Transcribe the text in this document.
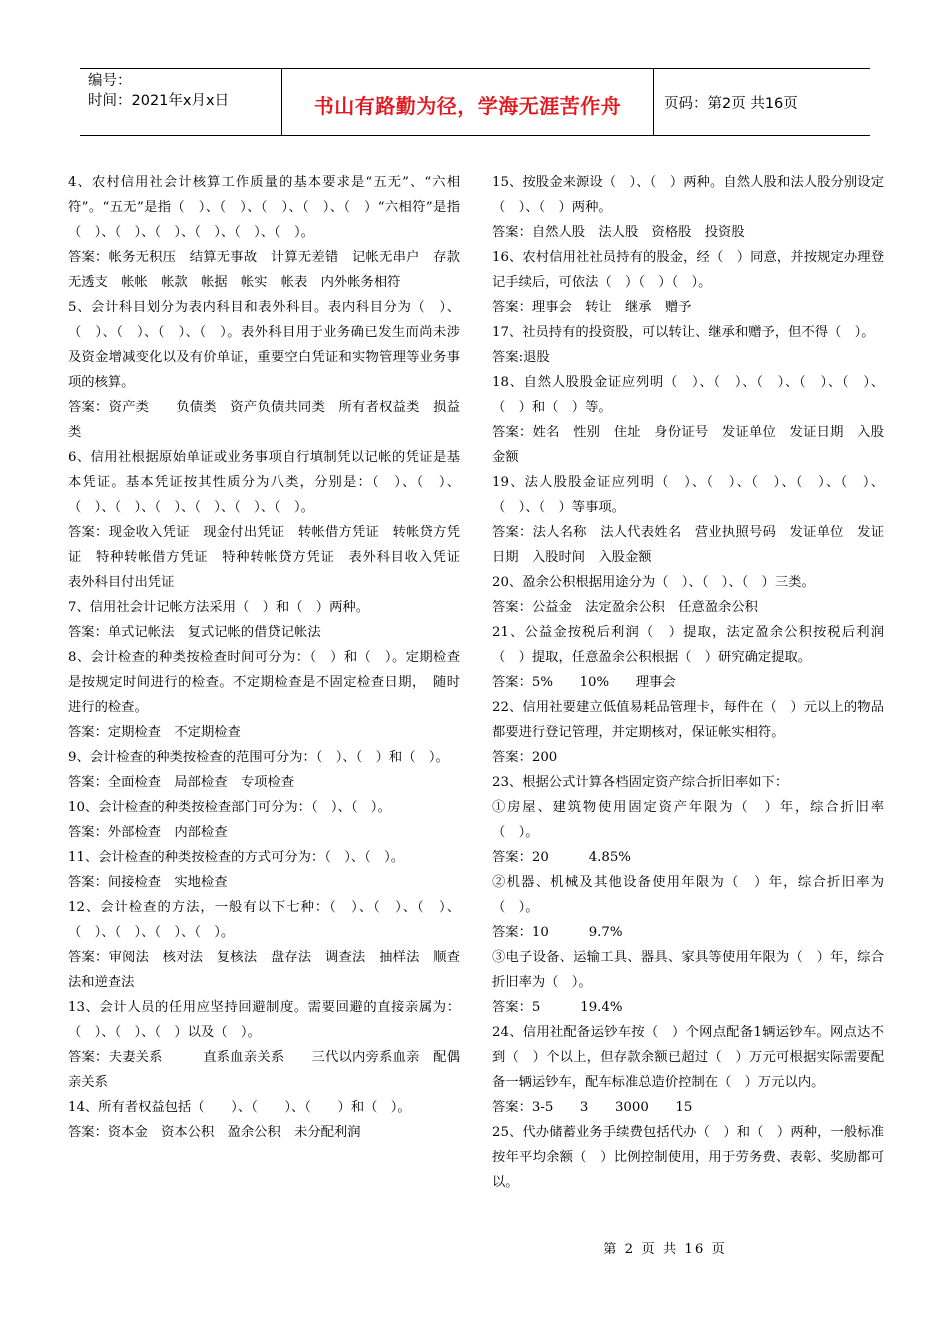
编号：
时间：2021年x月x日	书山有路勤为径，学海无涯苦作舟	页码：第2页 共16页

4、农村信用社会计核算工作质量的基本要求是“五无”、“六相符”。“五无”是指（　）、（　）、（　）、（　）、（　）“六相符”是指（　）、（　）、（　）、（　）、（　）、（　）。

答案：帐务无积压　结算无事故　计算无差错　记帐无串户　存款无透支　帐帐　帐款　帐据　帐实　帐表　内外帐务相符

5、会计科目划分为表内科目和表外科目。表内科目分为（　）、（　）、（　）、（　）、（　）。表外科目用于业务确已发生而尚未涉及资金增减变化以及有价单证，重要空白凭证和实物管理等业务事项的核算。

答案：资产类　　负债类　资产负债共同类　所有者权益类　损益类

6、信用社根据原始单证或业务事项自行填制凭以记帐的凭证是基本凭证。基本凭证按其性质分为八类，分别是：（　）、（　）、（　）、（　）、（　）、（　）、（　）、（　）。

答案：现金收入凭证　现金付出凭证　转帐借方凭证　转帐贷方凭证　特种转帐借方凭证　特种转帐贷方凭证　表外科目收入凭证　　表外科目付出凭证

7、信用社会计记帐方法采用（　）和（　）两种。

答案：单式记帐法　复式记帐的借贷记帐法

8、会计检查的种类按检查时间可分为：（　）和（　）。定期检查是按规定时间进行的检查。不定期检查是不固定检查日期，　随时进行的检查。

答案：定期检查　不定期检查

9、会计检查的种类按检查的范围可分为：（　）、（　）和（　）。

答案：全面检查　局部检查　专项检查

10、会计检查的种类按检查部门可分为：（　）、（　）。

答案：外部检查　内部检查

11、会计检查的种类按检查的方式可分为：（　）、（　）。

答案：间接检查　实地检查

12、会计检查的方法，一般有以下七种：（　）、（　）、（　）、（　）、（　）、（　）、（　）。

答案：审阅法　核对法　复核法　盘存法　调查法　抽样法　顺查法和逆查法

13、会计人员的任用应坚持回避制度。需要回避的直接亲属为：（　）、（　）、（　）以及（　）。

答案：夫妻关系　　　直系血亲关系　　三代以内旁系血亲　配偶亲关系

14、所有者权益包括（　　）、（　　）、（　　）和（　）。

答案：资本金　资本公积　盈余公积　未分配利润

15、按股金来源设（　）、（　）两种。自然人股和法人股分别设定（　）、（　）两种。

答案：自然人股　法人股　资格股　投资股

16、农村信用社社员持有的股金，经（　）同意，并按规定办理登记手续后，可依法（　）（　）（　）。

答案：理事会　转让　继承　赠予

17、社员持有的投资股，可以转让、继承和赠予，但不得（　）。

答案:退股

18、自然人股股金证应列明（　）、（　）、（　）、（　）、（　）、（　）和（　）等。

答案：姓名　性别　住址　身份证号　发证单位　发证日期　入股金额

19、法人股股金证应列明（　）、（　）、（　）、（　）、（　）、（　）、（　）等事项。

答案：法人名称　法人代表姓名　营业执照号码　发证单位　发证日期　入股时间　入股金额

20、盈余公积根据用途分为（　）、（　）、（　）三类。

答案：公益金　法定盈余公积　任意盈余公积

21、公益金按税后利润（　）提取，法定盈余公积按税后利润（　）提取，任意盈余公积根据（　）研究确定提取。

答案：5%　　10%　　理事会

22、信用社要建立低值易耗品管理卡，每件在（　）元以上的物品都要进行登记管理，并定期核对，保证帐实相符。

答案：200

23、根据公式计算各档固定资产综合折旧率如下：

①房屋、建筑物使用固定资产年限为（　）年，综合折旧率（　）。

答案：20　　　4.85%

②机器、机械及其他设备使用年限为（　）年，综合折旧率为（　）。

答案：10　　　9.7%

③电子设备、运输工具、器具、家具等使用年限为（　）年，综合折旧率为（　）。

答案：5　　　19.4%

24、信用社配备运钞车按（　）个网点配备1辆运钞车。网点达不到（　）个以上，但存款余额已超过（　）万元可根据实际需要配备一辆运钞车，配车标准总造价控制在（　）万元以内。

答案：3-5　　3　　3000　　15

25、代办储蓄业务手续费包括代办（　）和（　）两种，一般标准按年平均余额（　）比例控制使用，用于劳务费、表彰、奖励都可以。

第 2 页 共 16 页
